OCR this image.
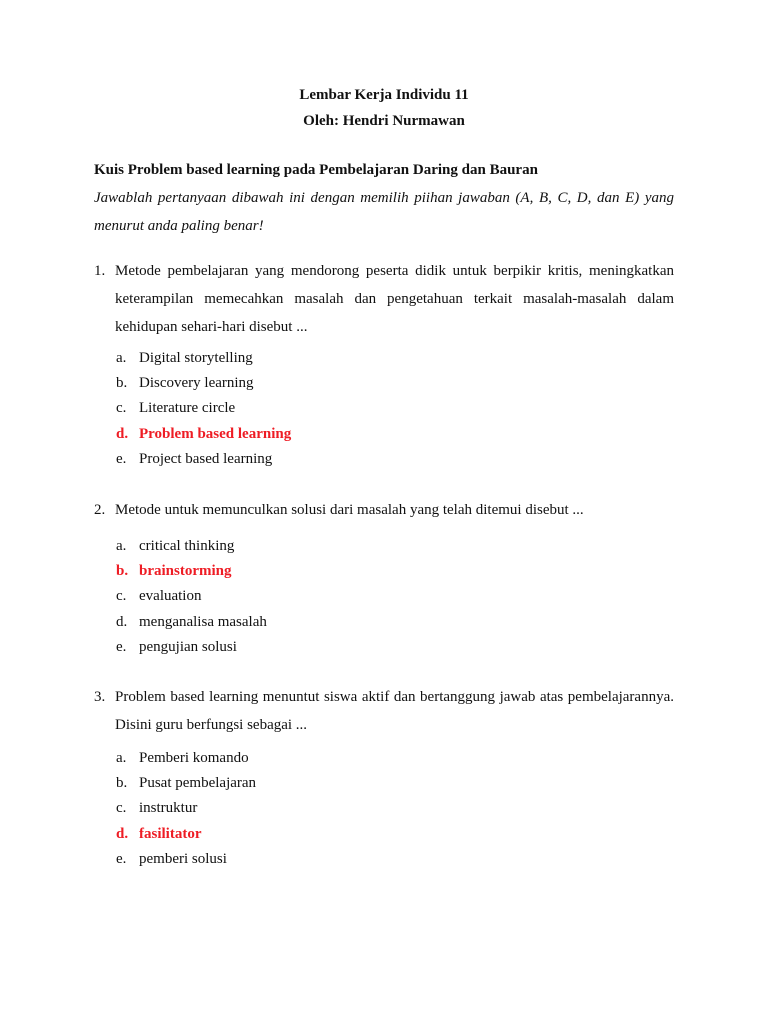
Lembar Kerja Individu 11
Oleh: Hendri Nurmawan
Kuis Problem based learning pada Pembelajaran Daring dan Bauran
Jawablah pertanyaan dibawah ini dengan memilih piihan jawaban (A, B, C, D, dan E) yang menurut anda paling benar!
1. Metode pembelajaran yang mendorong peserta didik untuk berpikir kritis, meningkatkan keterampilan memecahkan masalah dan pengetahuan terkait masalah-masalah dalam kehidupan sehari-hari disebut ...
a. Digital storytelling
b. Discovery learning
c. Literature circle
d. Problem based learning
e. Project based learning
2. Metode untuk memunculkan solusi dari masalah yang telah ditemui disebut ...
a. critical thinking
b. brainstorming
c. evaluation
d. menganalisa masalah
e. pengujian solusi
3. Problem based learning menuntut siswa aktif dan bertanggung jawab atas pembelajarannya. Disini guru berfungsi sebagai ...
a. Pemberi komando
b. Pusat pembelajaran
c. instruktur
d. fasilitator
e. pemberi solusi
